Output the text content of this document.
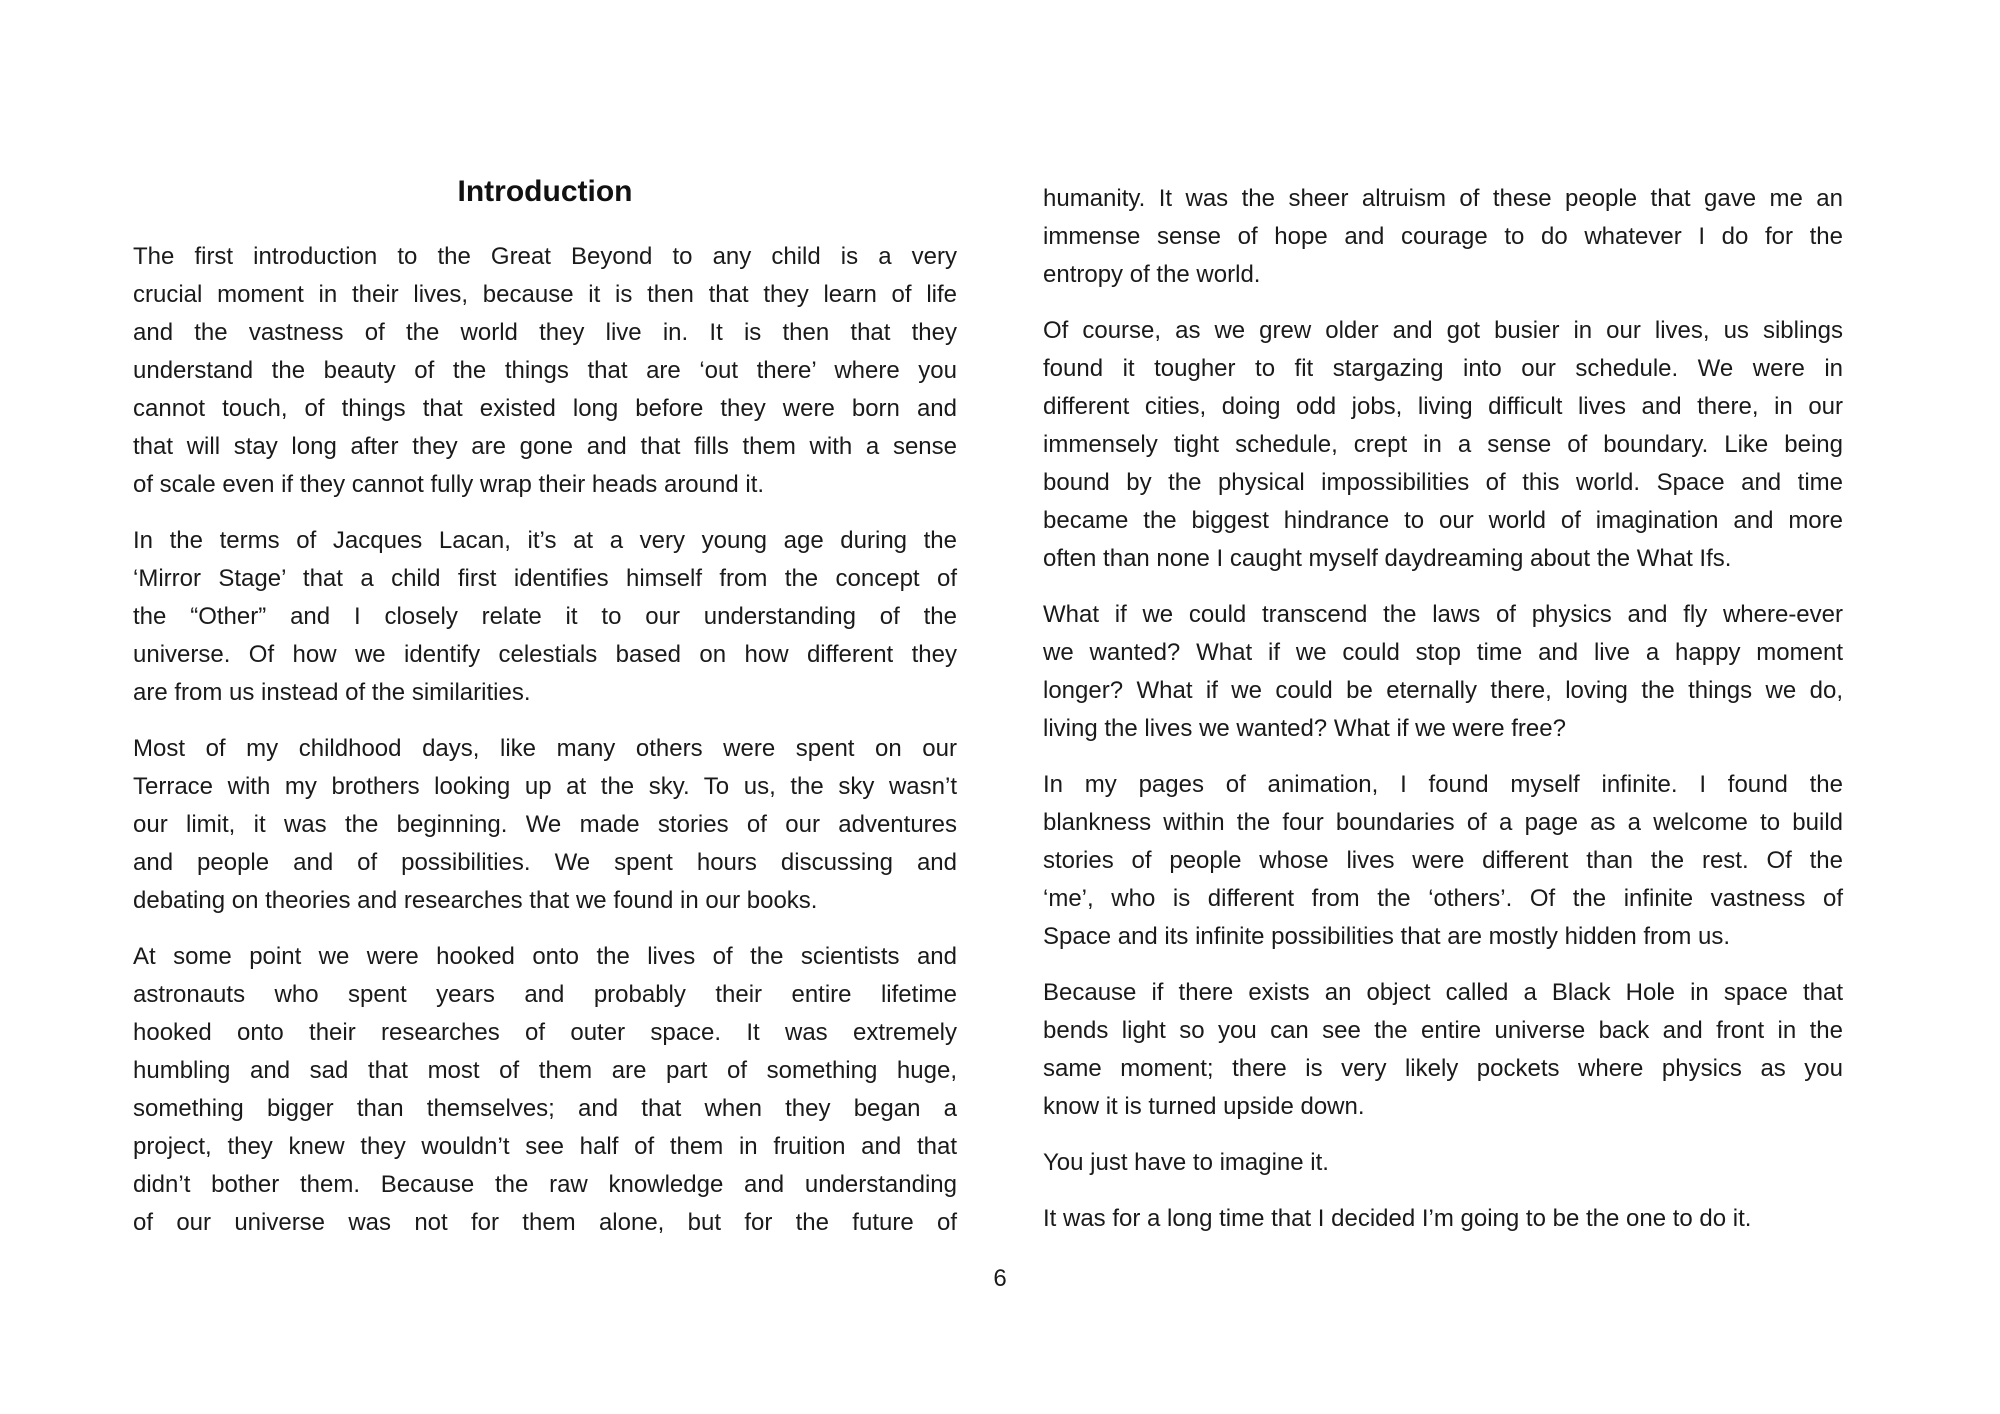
Introduction
The first introduction to the Great Beyond to any child is a very
crucial moment in their lives, because it is then that they learn of life
and the vastness of the world they live in. It is then that they
understand the beauty of the things that are ‘out there’ where you
cannot touch, of things that existed long before they were born and
that will stay long after they are gone and that fills them with a sense
of scale even if they cannot fully wrap their heads around it.
In the terms of Jacques Lacan, it’s at a very young age during the
‘Mirror Stage’ that a child first identifies himself from the concept of
the “Other” and I closely relate it to our understanding of the
universe. Of how we identify celestials based on how different they
are from us instead of the similarities.
Most of my childhood days, like many others were spent on our
Terrace with my brothers looking up at the sky. To us, the sky wasn’t
our limit, it was the beginning. We made stories of our adventures
and people and of possibilities. We spent hours discussing and
debating on theories and researches that we found in our books.
At some point we were hooked onto the lives of the scientists and
astronauts who spent years and probably their entire lifetime
hooked onto their researches of outer space. It was extremely
humbling and sad that most of them are part of something huge,
something bigger than themselves; and that when they began a
project, they knew they wouldn’t see half of them in fruition and that
didn’t bother them. Because the raw knowledge and understanding
of our universe was not for them alone, but for the future of
humanity. It was the sheer altruism of these people that gave me an
immense sense of hope and courage to do whatever I do for the
entropy of the world.
Of course, as we grew older and got busier in our lives, us siblings
found it tougher to fit stargazing into our schedule. We were in
different cities, doing odd jobs, living difficult lives and there, in our
immensely tight schedule, crept in a sense of boundary. Like being
bound by the physical impossibilities of this world. Space and time
became the biggest hindrance to our world of imagination and more
often than none I caught myself daydreaming about the What Ifs.
What if we could transcend the laws of physics and fly where-ever
we wanted? What if we could stop time and live a happy moment
longer? What if we could be eternally there, loving the things we do,
living the lives we wanted? What if we were free?
In my pages of animation, I found myself infinite. I found the
blankness within the four boundaries of a page as a welcome to build
stories of people whose lives were different than the rest. Of the
‘me’, who is different from the ‘others’. Of the infinite vastness of
Space and its infinite possibilities that are mostly hidden from us.
Because if there exists an object called a Black Hole in space that
bends light so you can see the entire universe back and front in the
same moment; there is very likely pockets where physics as you
know it is turned upside down.
You just have to imagine it.
It was for a long time that I decided I’m going to be the one to do it.
6
